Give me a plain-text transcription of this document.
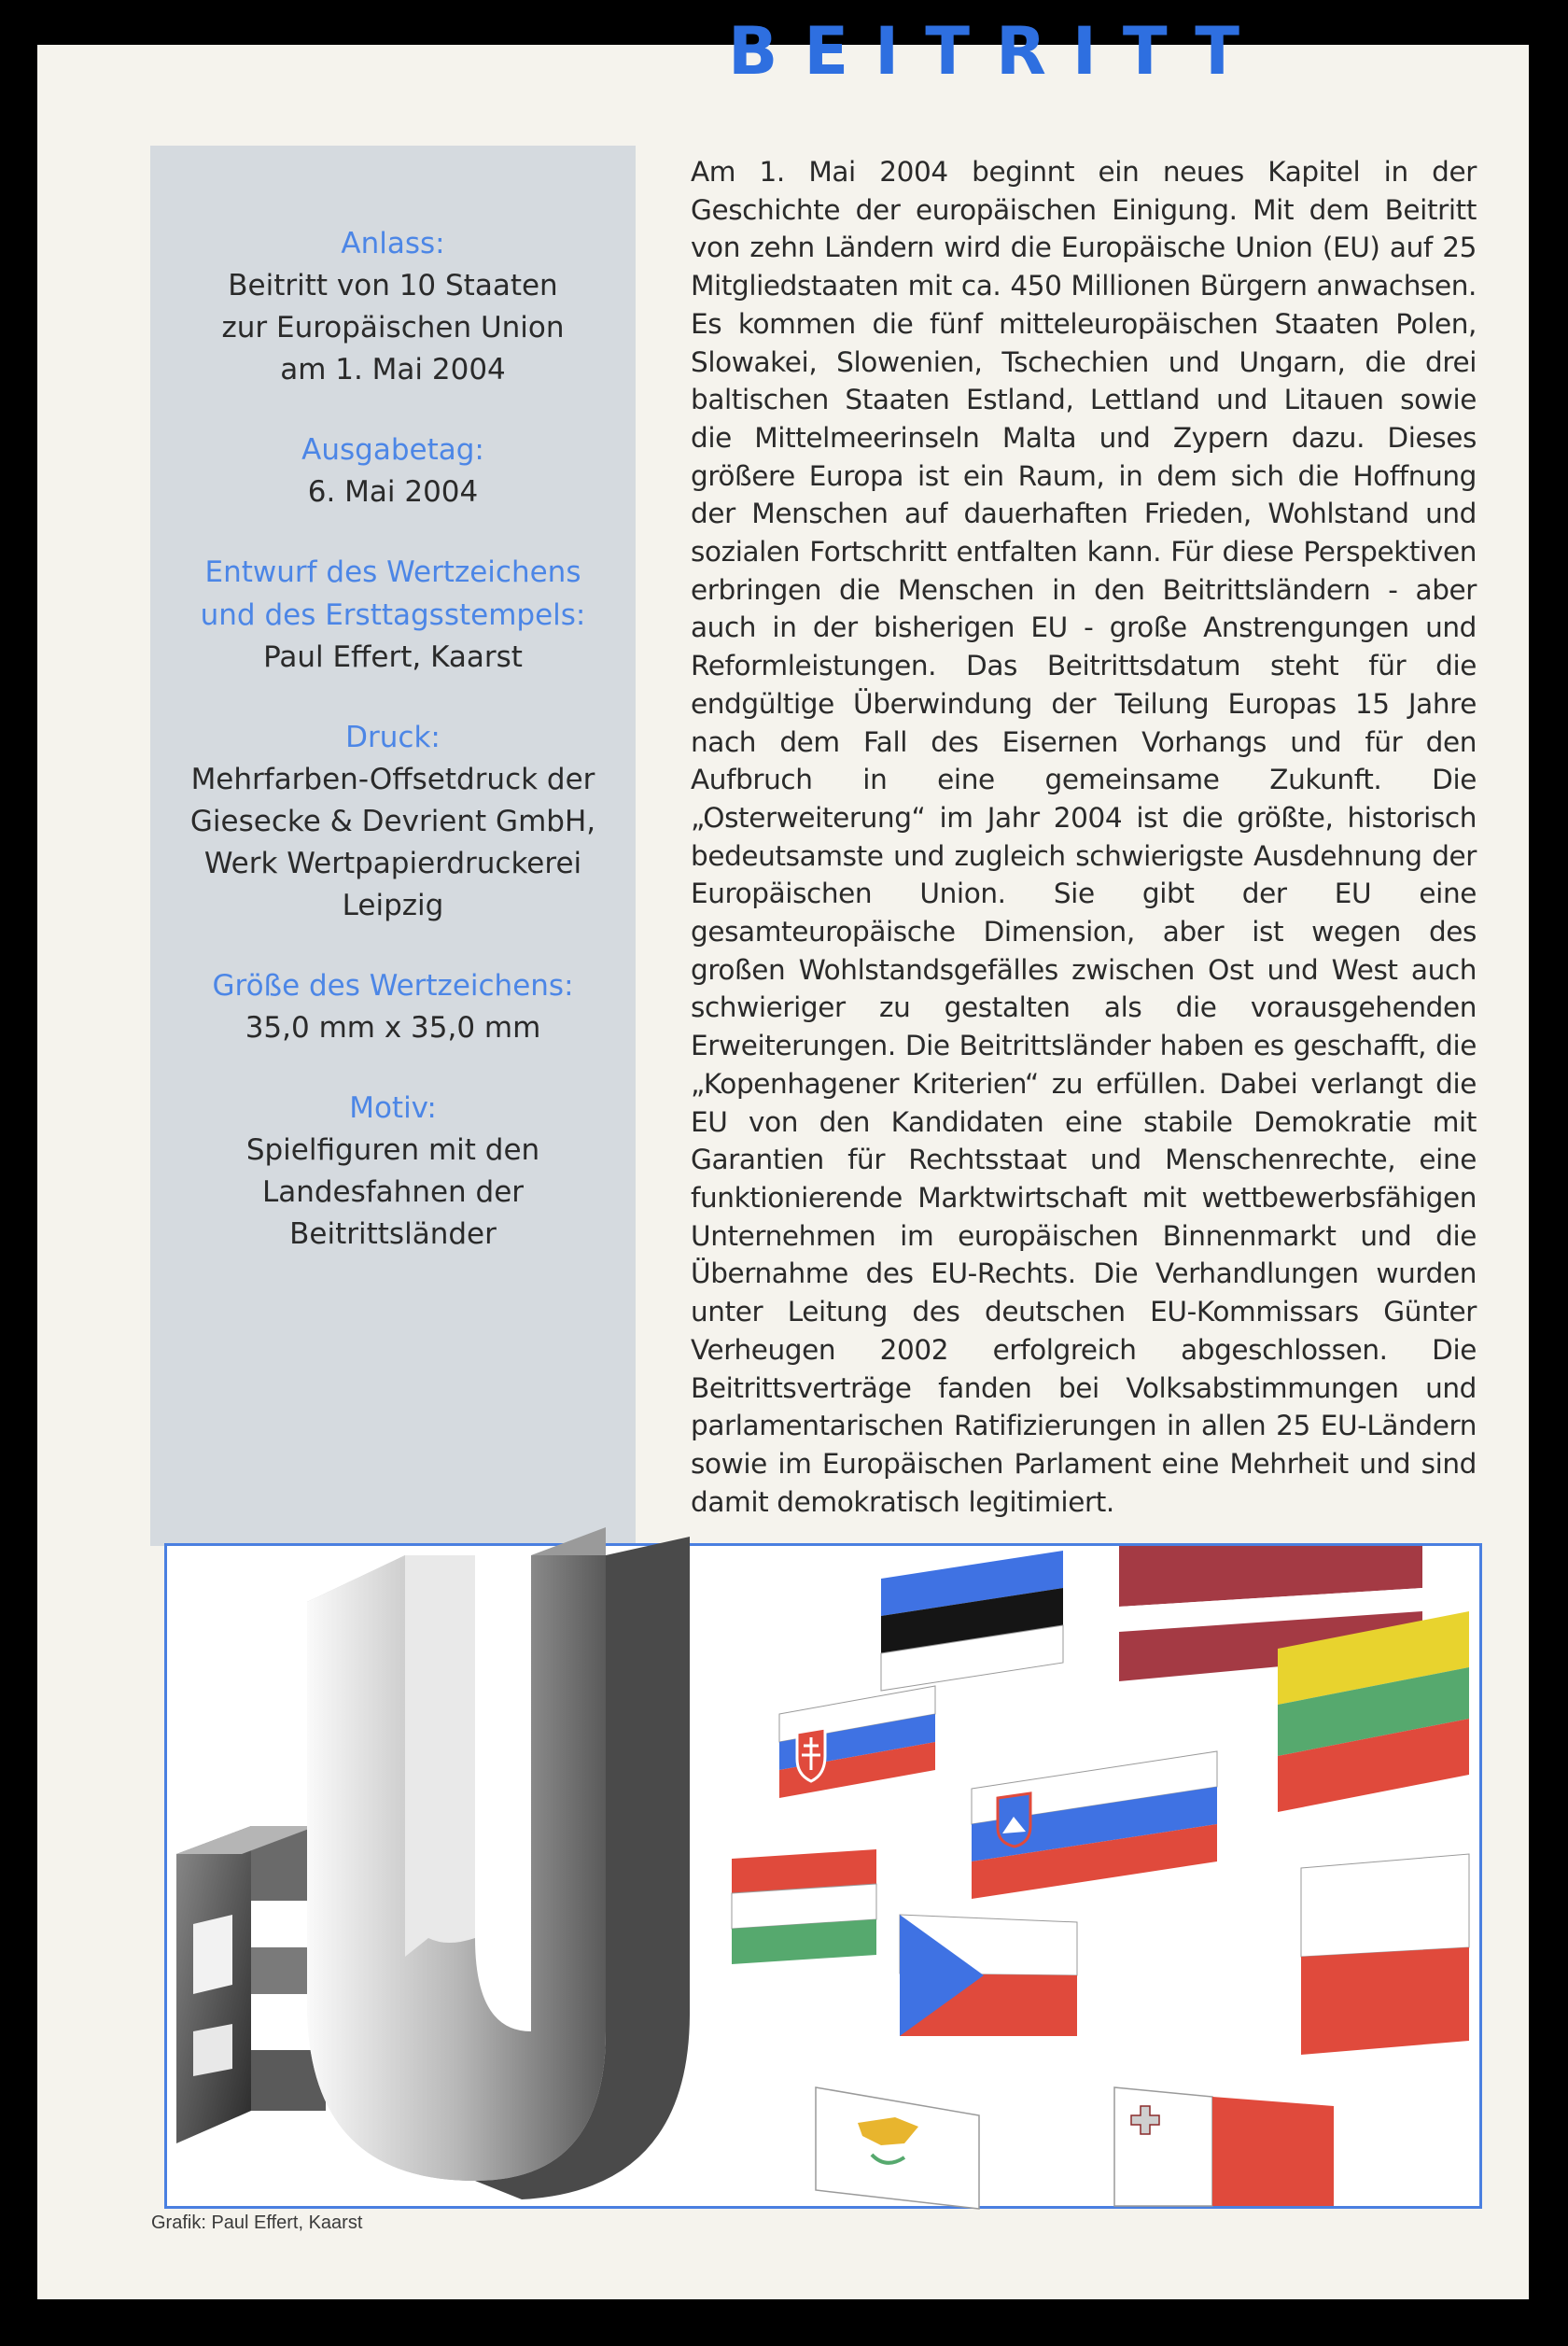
BEITRITT
Anlass:
Beitritt von 10 Staaten
zur Europäischen Union
am 1. Mai 2004
Ausgabetag:
6. Mai 2004
Entwurf des Wertzeichens
und des Ersttagsstempels:
Paul Effert, Kaarst
Druck:
Mehrfarben-Offsetdruck der
Giesecke & Devrient GmbH,
Werk Wertpapierdruckerei
Leipzig
Größe des Wertzeichens:
35,0 mm x 35,0 mm
Motiv:
Spielfiguren mit den
Landesfahnen der
Beitrittsländer
Am 1. Mai 2004 beginnt ein neues Kapitel in der Geschichte der europäischen Einigung. Mit dem Beitritt von zehn Ländern wird die Europäische Union (EU) auf 25 Mitgliedstaaten mit ca. 450 Millionen Bürgern anwachsen. Es kommen die fünf mitteleuropäischen Staaten Polen, Slowakei, Slowenien, Tschechien und Ungarn, die drei baltischen Staaten Estland, Lettland und Litauen sowie die Mittelmeerinseln Malta und Zypern dazu. Dieses größere Europa ist ein Raum, in dem sich die Hoffnung der Menschen auf dauerhaften Frieden, Wohlstand und sozialen Fortschritt entfalten kann. Für diese Perspektiven erbringen die Menschen in den Beitrittsländern - aber auch in der bisherigen EU - große Anstrengungen und Reformleistungen. Das Beitrittsdatum steht für die endgültige Überwindung der Teilung Europas 15 Jahre nach dem Fall des Eisernen Vorhangs und für den Aufbruch in eine gemeinsame Zukunft. Die „Osterweiterung“ im Jahr 2004 ist die größte, historisch bedeutsamste und zugleich schwierigste Ausdehnung der Europäischen Union. Sie gibt der EU eine gesamteuropäische Dimension, aber ist wegen des großen Wohlstandsgefälles zwischen Ost und West auch schwieriger zu gestalten als die vorausgehenden Erweiterungen. Die Beitrittsländer haben es geschafft, die „Kopenhagener Kriterien“ zu erfüllen. Dabei verlangt die EU von den Kandidaten eine stabile Demokratie mit Garantien für Rechtsstaat und Menschenrechte, eine funktionierende Marktwirtschaft mit wettbewerbsfähigen Unternehmen im europäischen Binnenmarkt und die Übernahme des EU-Rechts. Die Verhandlungen wurden unter Leitung des deutschen EU-Kommissars Günter Verheugen 2002 erfolgreich abgeschlossen. Die Beitrittsverträge fanden bei Volksabstimmungen und parlamentarischen Ratifizierungen in allen 25 EU-Ländern sowie im Europäischen Parlament eine Mehrheit und sind damit demokratisch legitimiert.
Grafik: Paul Effert, Kaarst
